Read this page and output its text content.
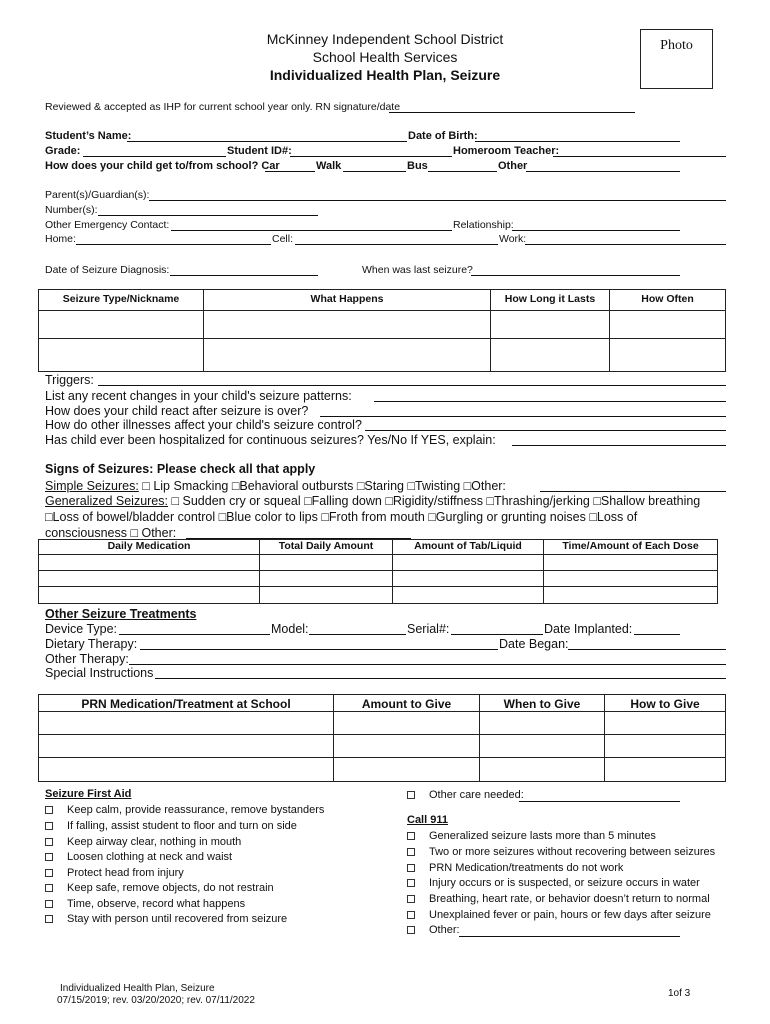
McKinney Independent School District
School Health Services
Individualized Health Plan, Seizure
Photo
Reviewed & accepted as IHP for current school year only. RN signature/date
Student’s Name:	Date of Birth:
Grade:	Student ID#:	Homeroom Teacher:
How does your child get to/from school? Car	Walk	Bus	Other
Parent(s)/Guardian(s):
Number(s):
Other Emergency Contact:	Relationship:
Home:	Cell:	Work:
Date of Seizure Diagnosis:	When was last seizure?
Seizure Type/Nickname	What Happens	How Long it Lasts	How Often

Triggers:
List any recent changes in your child's seizure patterns:
How does your child react after seizure is over?
How do other illnesses affect your child's seizure control?
Has child ever been hospitalized for continuous seizures? Yes/No If YES, explain:
Signs of Seizures: Please check all that apply
Simple Seizures: □ Lip Smacking □Behavioral outbursts □Staring □Twisting □Other:
Generalized Seizures: □ Sudden cry or squeal □Falling down □Rigidity/stiffness □Thrashing/jerking □Shallow breathing
□Loss of bowel/bladder control □Blue color to lips □Froth from mouth □Gurgling or grunting noises □Loss of
consciousness □ Other:
Daily Medication	Total Daily Amount	Amount of Tab/Liquid	Time/Amount of Each Dose

Other Seizure Treatments
Device Type:	Model:	Serial#:	Date Implanted:
Dietary Therapy:	Date Began:
Other Therapy:
Special Instructions
PRN Medication/Treatment at School	Amount to Give	When to Give	How to Give

Seizure First Aid
Keep calm, provide reassurance, remove bystanders
If falling, assist student to floor and turn on side
Keep airway clear, nothing in mouth
Loosen clothing at neck and waist
Protect head from injury
Keep safe, remove objects, do not restrain
Time, observe, record what happens
Stay with person until recovered from seizure
Other care needed:
Call 911
Generalized seizure lasts more than 5 minutes
Two or more seizures without recovering between seizures
PRN Medication/treatments do not work
Injury occurs or is suspected, or seizure occurs in water
Breathing, heart rate, or behavior doesn’t return to normal
Unexplained fever or pain, hours or few days after seizure
Other:
Individualized Health Plan, Seizure
07/15/2019; rev. 03/20/2020; rev. 07/11/2022
1of 3
